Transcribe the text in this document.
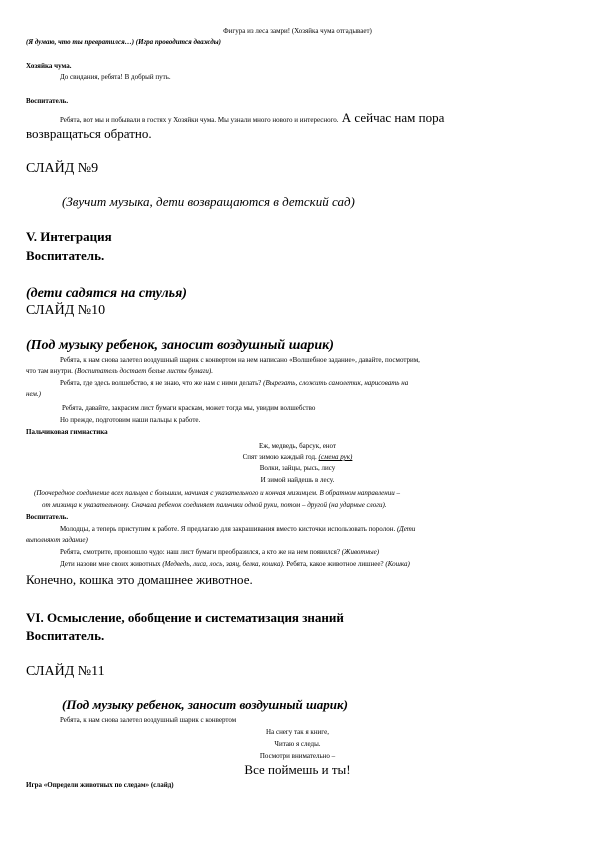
Фигура из леса замри! (Хозяйка чума отгадывает)
(Я думаю, что ты превратился…) (Игра проводится дважды)
Хозяйка чума.
До свидания, ребята! В добрый путь.
Воспитатель.
Ребята, вот мы и побывали в гостях у Хозяйки чума. Мы узнали много нового и интересного. А сейчас нам пора
возвращаться обратно.
СЛАЙД №9
(Звучит музыка, дети возвращаются в детский сад)
V. Интеграция
Воспитатель.
(дети садятся на стулья)
СЛАЙД №10
(Под музыку ребенок, заносит воздушный шарик)
Ребята, к нам снова залетел воздушный шарик с конвертом на нем написано «Волшебное задание», давайте, посмотрим,
что там внутри. (Воспитатель достает белые листы бумаги).
Ребята, где здесь волшебство, я не знаю, что же нам с ними делать? (Вырезать, сложить самолетик, нарисовать на
нем.)
Ребята, давайте, закрасим лист бумаги краскам, может тогда мы, увидим волшебство
Но прежде, подготовим наши пальцы к работе.
Пальчиковая гимнастика
Еж, медведь, барсук, енот
Спят зимою каждый год. (смена рук)
Волки, зайцы, рысь, лису
И зимой найдешь в лесу.
(Поочередное соединение всех пальцев с большим, начиная с указательного и кончая мизинцем. В обратном направлении –
от мизинца к указательному. Сначала ребенок соединяет пальчики одной руки, потом – другой (на ударные слоги).
Воспитатель.
Молодцы, а теперь приступим к работе. Я предлагаю для закрашивания вместо кисточки использовать поролон. (Дети
выполняют задание)
Ребята, смотрите, произошло чудо: наш лист бумаги преобразился, а кто же на нем появился? (Животные)
Дети назови мне своих животных (Медведь, лиса, лось, заяц, белка, кошка). Ребята, какое животное лишнее? (Кошка)
Конечно, кошка это домашнее животное.
VI. Осмысление, обобщение и систематизация знаний
Воспитатель.
СЛАЙД №11
(Под музыку ребенок, заносит воздушный шарик)
Ребята, к нам снова залетел воздушный шарик с конвертом
На снегу так я книге,
Читаю я следы.
Посмотри внимательно –
Все поймешь и ты!
Игра «Определи животных по следам» (слайд)
